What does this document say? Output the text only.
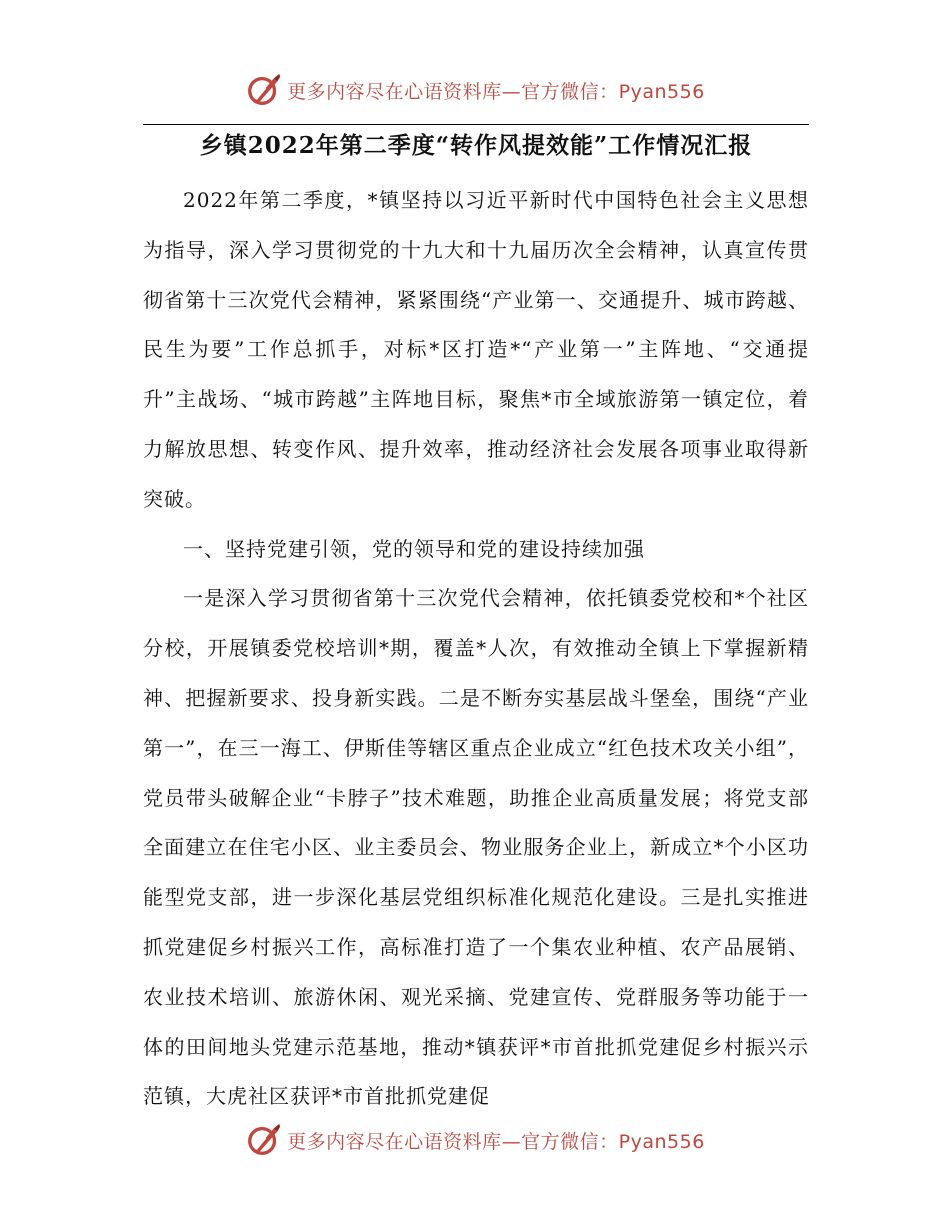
更多内容尽在心语资料库—官方微信：Pyan556
乡镇2022年第二季度“转作风提效能”工作情况汇报

2022年第二季度，*镇坚持以习近平新时代中国特色社会主义思想为指导，深入学习贯彻党的十九大和十九届历次全会精神，认真宣传贯彻省第十三次党代会精神，紧紧围绕“产业第一、交通提升、城市跨越、民生为要”工作总抓手，对标*区打造*“产业第一”主阵地、“交通提升”主战场、“城市跨越”主阵地目标，聚焦*市全域旅游第一镇定位，着力解放思想、转变作风、提升效率，推动经济社会发展各项事业取得新突破。

一、坚持党建引领，党的领导和党的建设持续加强

一是深入学习贯彻省第十三次党代会精神，依托镇委党校和*个社区分校，开展镇委党校培训*期，覆盖*人次，有效推动全镇上下掌握新精神、把握新要求、投身新实践。二是不断夯实基层战斗堡垒，围绕“产业第一”，在三一海工、伊斯佳等辖区重点企业成立“红色技术攻关小组”，党员带头破解企业“卡脖子”技术难题，助推企业高质量发展；将党支部全面建立在住宅小区、业主委员会、物业服务企业上，新成立*个小区功能型党支部，进一步深化基层党组织标准化规范化建设。三是扎实推进抓党建促乡村振兴工作，高标准打造了一个集农业种植、农产品展销、农业技术培训、旅游休闲、观光采摘、党建宣传、党群服务等功能于一体的田间地头党建示范基地，推动*镇获评*市首批抓党建促乡村振兴示范镇，大虎社区获评*市首批抓党建促

更多内容尽在心语资料库—官方微信：Pyan556
